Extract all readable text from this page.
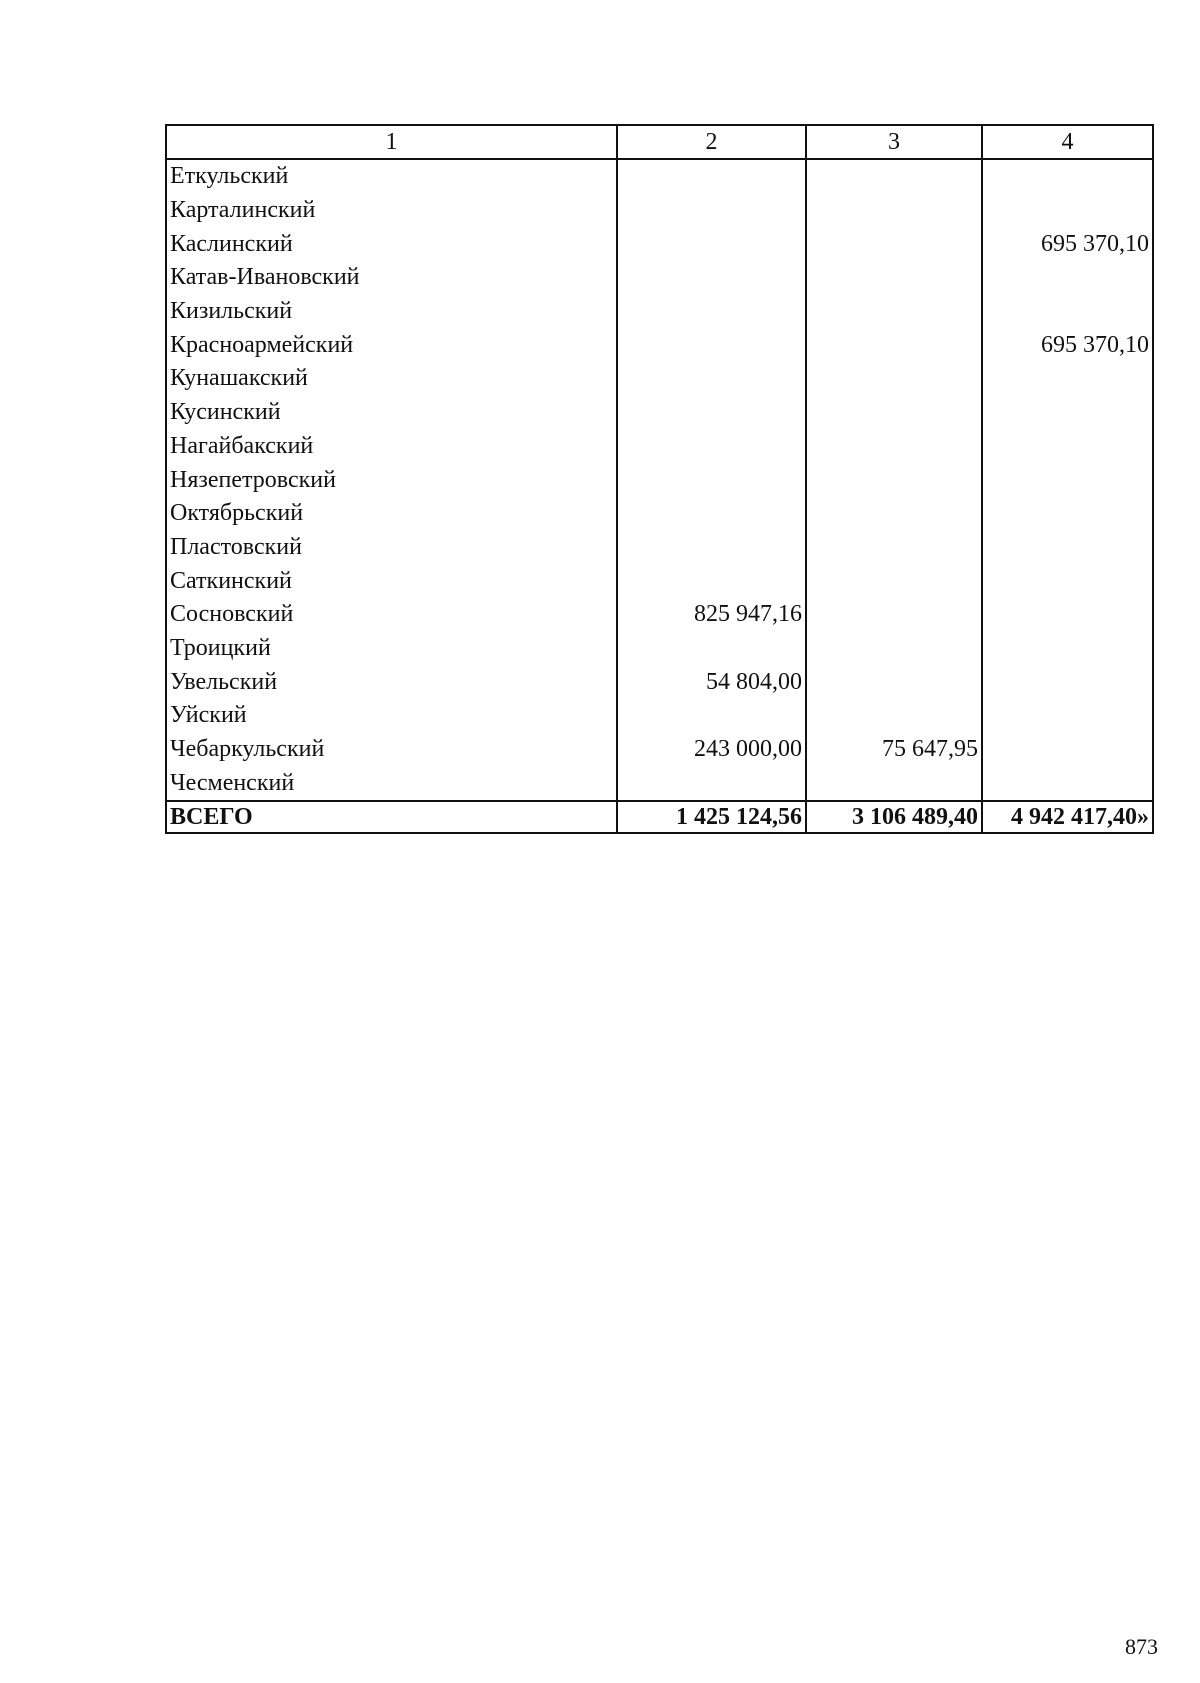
1	2	3	4
Еткульский			
Карталинский			
Каслинский			695 370,10
Катав-Ивановский			
Кизильский			
Красноармейский			695 370,10
Кунашакский			
Кусинский			
Нагайбакский			
Нязепетровский			
Октябрьский			
Пластовский			
Саткинский			
Сосновский	825 947,16		
Троицкий			
Увельский	54 804,00		
Уйский			
Чебаркульский	243 000,00	75 647,95	
Чесменский			
ВСЕГО	1 425 124,56	3 106 489,40	4 942 417,40»
873
